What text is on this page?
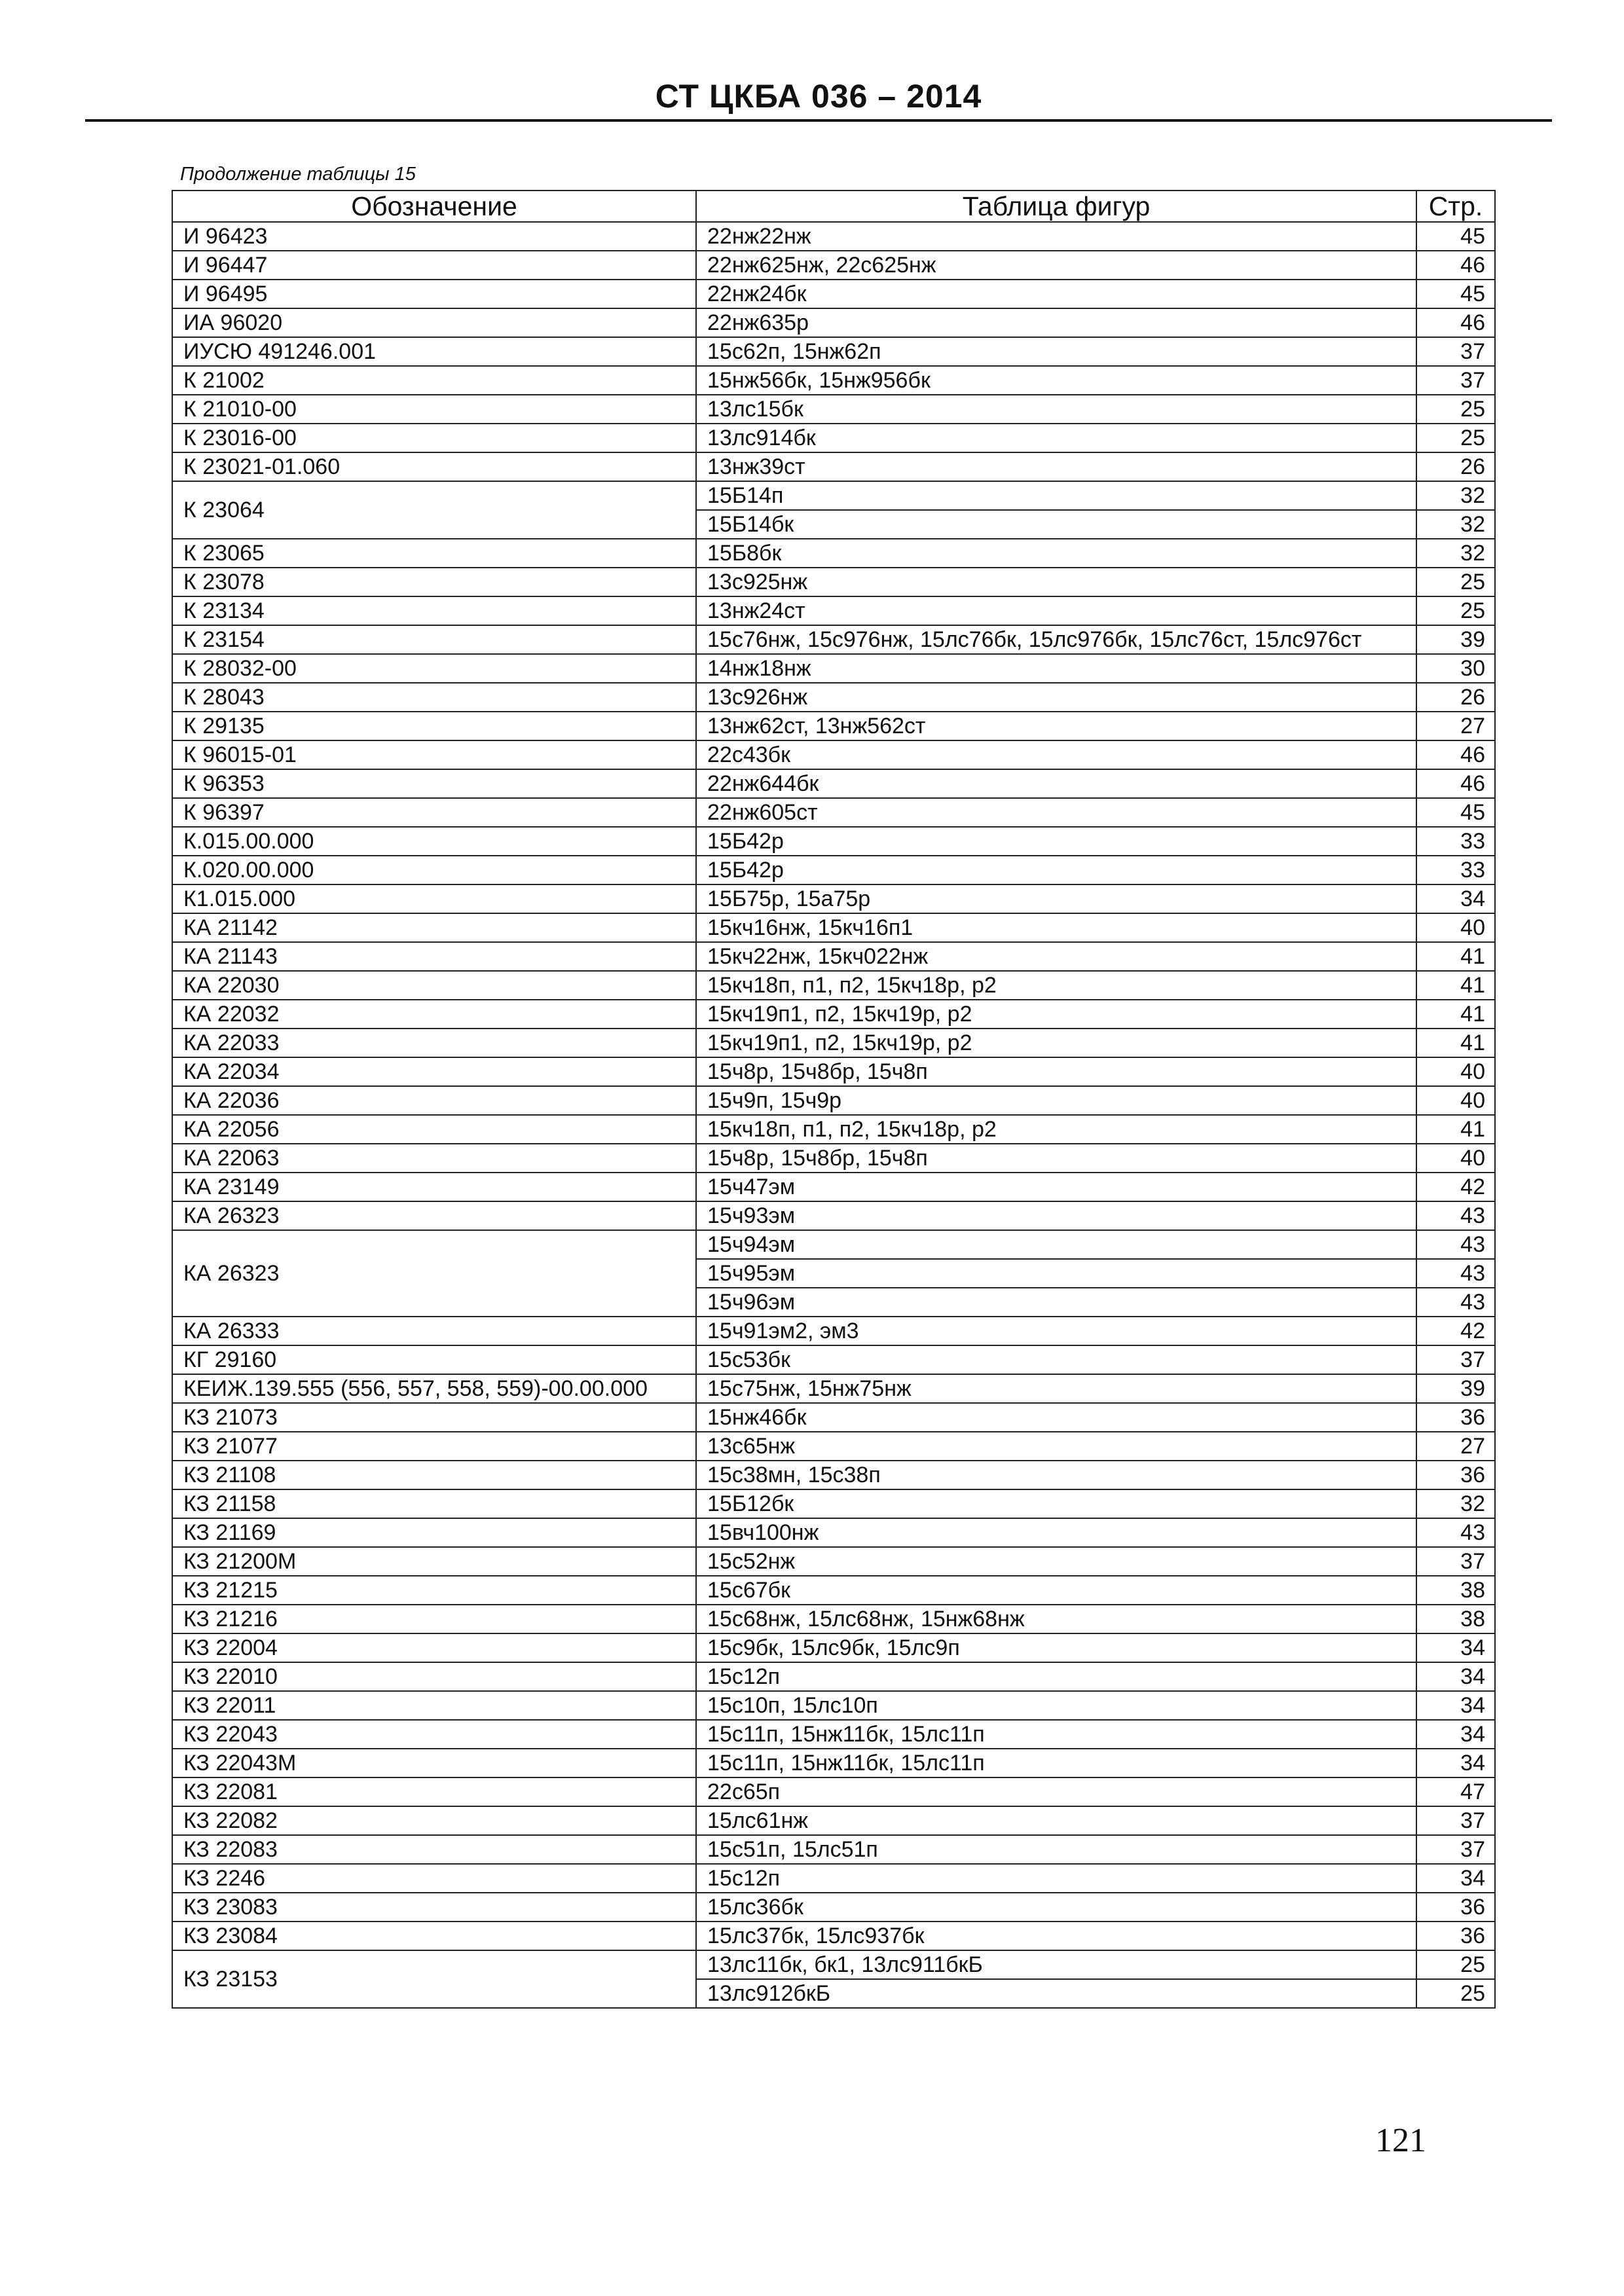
СТ ЦКБА 036 – 2014
Продолжение таблицы 15
Обозначение	Таблица фигур	Стр.
И 96423	22нж22нж	45
И 96447	22нж625нж, 22с625нж	46
И 96495	22нж24бк	45
ИА 96020	22нж635р	46
ИУСЮ 491246.001	15с62п, 15нж62п	37
К 21002	15нж56бк, 15нж956бк	37
К 21010-00	13лс15бк	25
К 23016-00	13лс914бк	25
К 23021-01.060	13нж39ст	26
К 23064	15Б14п	32
	15Б14бк	32
К 23065	15Б8бк	32
К 23078	13с925нж	25
К 23134	13нж24ст	25
К 23154	15с76нж, 15с976нж, 15лс76бк, 15лс976бк, 15лс76ст, 15лс976ст	39
К 28032-00	14нж18нж	30
К 28043	13с926нж	26
К 29135	13нж62ст, 13нж562ст	27
К 96015-01	22с43бк	46
К 96353	22нж644бк	46
К 96397	22нж605ст	45
К.015.00.000	15Б42р	33
К.020.00.000	15Б42р	33
К1.015.000	15Б75р, 15а75р	34
КА 21142	15кч16нж, 15кч16п1	40
КА 21143	15кч22нж, 15кч022нж	41
КА 22030	15кч18п, п1, п2, 15кч18р, р2	41
КА 22032	15кч19п1, п2, 15кч19р, р2	41
КА 22033	15кч19п1, п2, 15кч19р, р2	41
КА 22034	15ч8р, 15ч8бр, 15ч8п	40
КА 22036	15ч9п, 15ч9р	40
КА 22056	15кч18п, п1, п2, 15кч18р, р2	41
КА 22063	15ч8р, 15ч8бр, 15ч8п	40
КА 23149	15ч47эм	42
КА 26323	15ч93эм	43
КА 26323	15ч94эм	43
	15ч95эм	43
	15ч96эм	43
КА 26333	15ч91эм2, эм3	42
КГ 29160	15с53бк	37
КЕИЖ.139.555 (556, 557, 558, 559)-00.00.000	15с75нж, 15нж75нж	39
КЗ 21073	15нж46бк	36
КЗ 21077	13с65нж	27
КЗ 21108	15с38мн, 15с38п	36
КЗ 21158	15Б12бк	32
КЗ 21169	15вч100нж	43
КЗ 21200М	15с52нж	37
КЗ 21215	15с67бк	38
КЗ 21216	15с68нж, 15лс68нж, 15нж68нж	38
КЗ 22004	15с9бк, 15лс9бк, 15лс9п	34
КЗ 22010	15с12п	34
КЗ 22011	15с10п, 15лс10п	34
КЗ 22043	15с11п, 15нж11бк, 15лс11п	34
КЗ 22043М	15с11п, 15нж11бк, 15лс11п	34
КЗ 22081	22с65п	47
КЗ 22082	15лс61нж	37
КЗ 22083	15с51п, 15лс51п	37
КЗ 2246	15с12п	34
КЗ 23083	15лс36бк	36
КЗ 23084	15лс37бк, 15лс937бк	36
КЗ 23153	13лс11бк, бк1, 13лс911бкБ	25
	13лс912бкБ	25
121
